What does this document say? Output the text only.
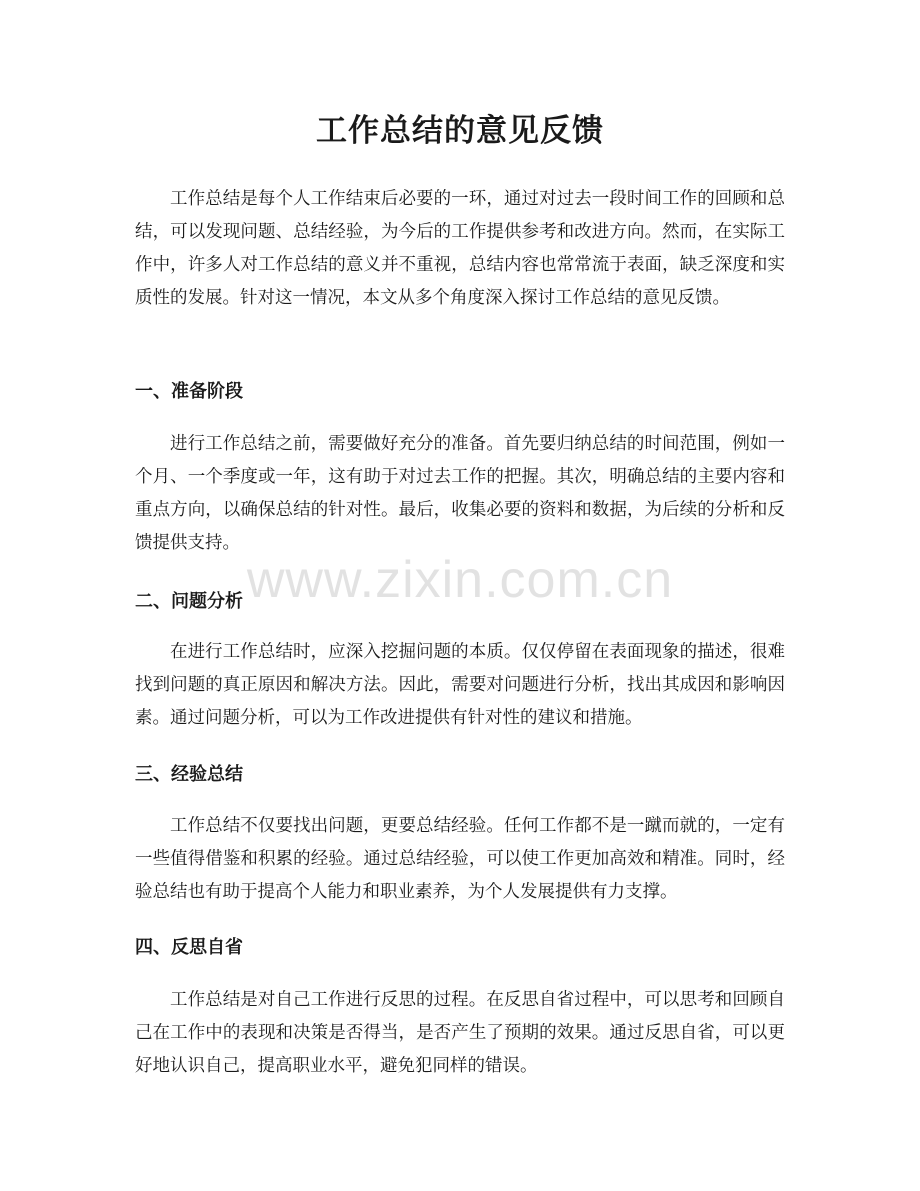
工作总结的意见反馈

工作总结是每个人工作结束后必要的一环，通过对过去一段时间工作的回顾和总结，可以发现问题、总结经验，为今后的工作提供参考和改进方向。然而，在实际工作中，许多人对工作总结的意义并不重视，总结内容也常常流于表面，缺乏深度和实质性的发展。针对这一情况，本文从多个角度深入探讨工作总结的意见反馈。

一、准备阶段

进行工作总结之前，需要做好充分的准备。首先要归纳总结的时间范围，例如一个月、一个季度或一年，这有助于对过去工作的把握。其次，明确总结的主要内容和重点方向，以确保总结的针对性。最后，收集必要的资料和数据，为后续的分析和反馈提供支持。

二、问题分析

在进行工作总结时，应深入挖掘问题的本质。仅仅停留在表面现象的描述，很难找到问题的真正原因和解决方法。因此，需要对问题进行分析，找出其成因和影响因素。通过问题分析，可以为工作改进提供有针对性的建议和措施。

三、经验总结

工作总结不仅要找出问题，更要总结经验。任何工作都不是一蹴而就的，一定有一些值得借鉴和积累的经验。通过总结经验，可以使工作更加高效和精准。同时，经验总结也有助于提高个人能力和职业素养，为个人发展提供有力支撑。

四、反思自省

工作总结是对自己工作进行反思的过程。在反思自省过程中，可以思考和回顾自己在工作中的表现和决策是否得当，是否产生了预期的效果。通过反思自省，可以更好地认识自己，提高职业水平，避免犯同样的错误。

www.zixin.com.cn
